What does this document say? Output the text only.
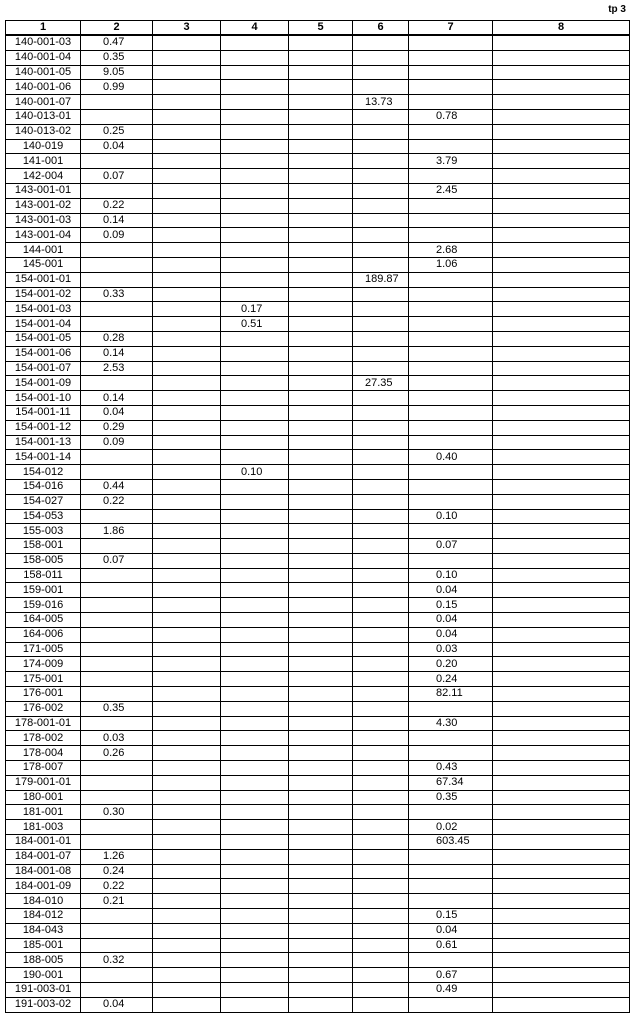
tp 3
1	2	3	4	5	6	7	8
140-001-03	0.47						
140-001-04	0.35						
140-001-05	9.05						
140-001-06	0.99						
140-001-07					13.73		
140-013-01						0.78	
140-013-02	0.25						
140-019	0.04						
141-001						3.79	
142-004	0.07						
143-001-01						2.45	
143-001-02	0.22						
143-001-03	0.14						
143-001-04	0.09						
144-001						2.68	
145-001						1.06	
154-001-01					189.87		
154-001-02	0.33						
154-001-03			0.17				
154-001-04			0.51				
154-001-05	0.28						
154-001-06	0.14						
154-001-07	2.53						
154-001-09					27.35		
154-001-10	0.14						
154-001-11	0.04						
154-001-12	0.29						
154-001-13	0.09						
154-001-14						0.40	
154-012			0.10				
154-016	0.44						
154-027	0.22						
154-053						0.10	
155-003	1.86						
158-001						0.07	
158-005	0.07						
158-011						0.10	
159-001						0.04	
159-016						0.15	
164-005						0.04	
164-006						0.04	
171-005						0.03	
174-009						0.20	
175-001						0.24	
176-001						82.11	
176-002	0.35						
178-001-01						4.30	
178-002	0.03						
178-004	0.26						
178-007						0.43	
179-001-01						67.34	
180-001						0.35	
181-001	0.30						
181-003						0.02	
184-001-01						603.45	
184-001-07	1.26						
184-001-08	0.24						
184-001-09	0.22						
184-010	0.21						
184-012						0.15	
184-043						0.04	
185-001						0.61	
188-005	0.32						
190-001						0.67	
191-003-01						0.49	
191-003-02	0.04						
